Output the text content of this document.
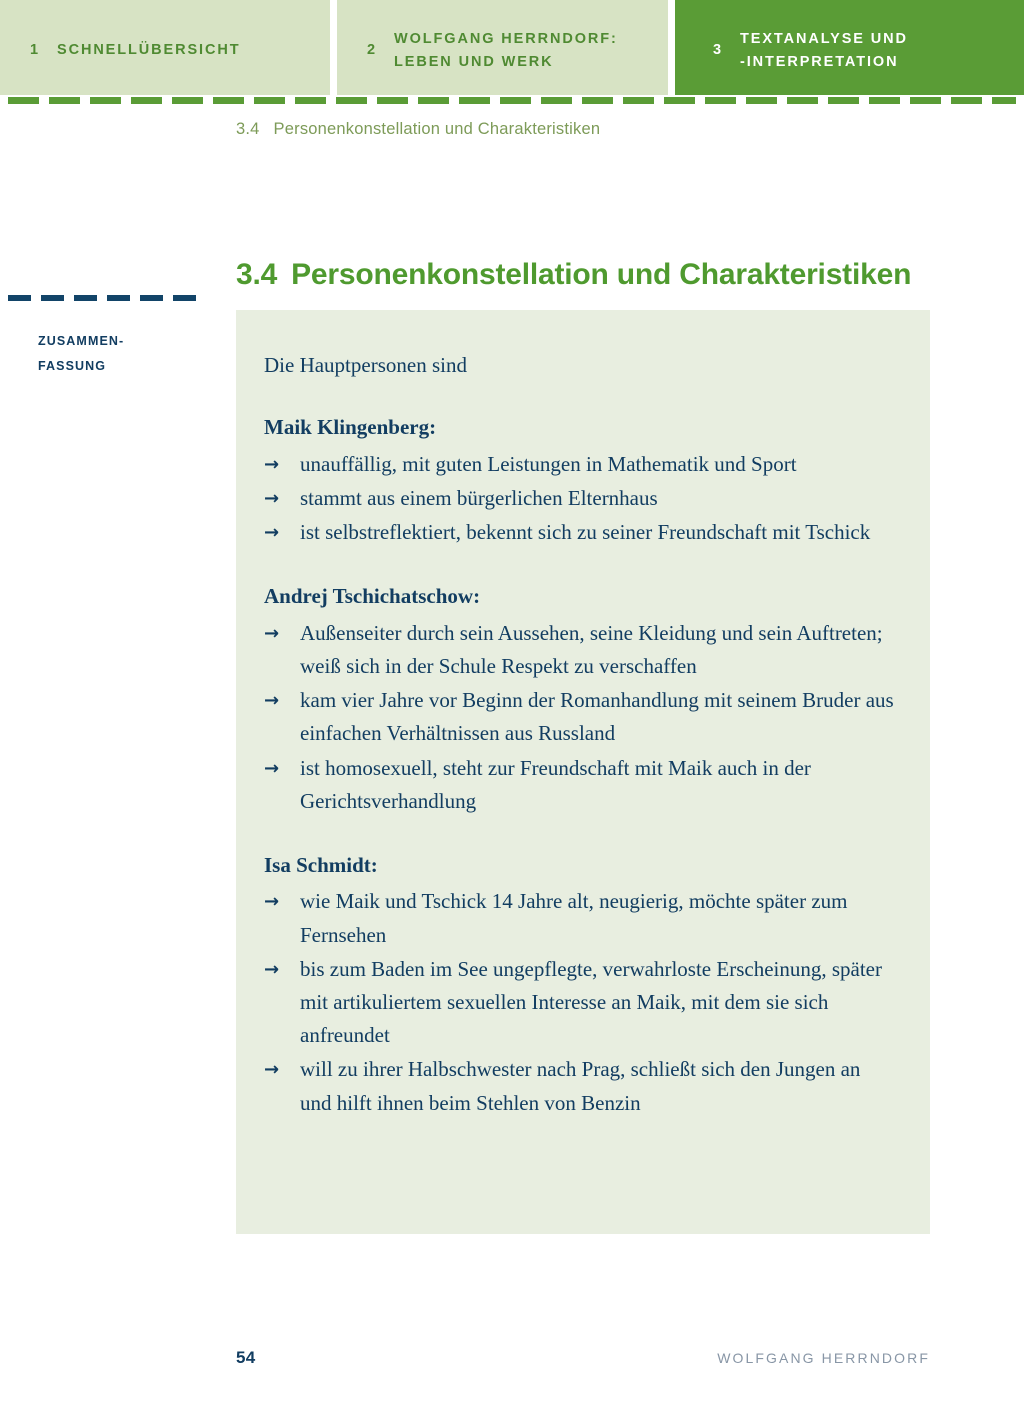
1	SCHNELLÜBERSICHT	2
WOLFGANG HERRNDORF:
LEBEN UND WERK
3
TEXTANALYSE UND
-INTERPRETATION
3.4 Personenkonstellation und Charakteristiken
3.4 Personenkonstellation und Charakteristiken
ZUSAMMEN-
FASSUNG	Die Hauptpersonen sind

Maik Klingenberg:
→ unauffällig, mit guten Leistungen in Mathematik und Sport
→ stammt aus einem bürgerlichen Elternhaus
→ ist selbstreflektiert, bekennt sich zu seiner Freundschaft mit Tschick
Andrej Tschichatschow:
→ Außenseiter durch sein Aussehen, seine Kleidung und sein Auftreten; weiß sich in der Schule Respekt zu verschaffen
→ kam vier Jahre vor Beginn der Romanhandlung mit seinem Bruder aus einfachen Verhältnissen aus Russland
→ ist homosexuell, steht zur Freundschaft mit Maik auch in der Gerichtsverhandlung
Isa Schmidt:
→ wie Maik und Tschick 14 Jahre alt, neugierig, möchte später zum Fernsehen
→ bis zum Baden im See ungepflegte, verwahrloste Erscheinung, später mit artikuliertem sexuellen Interesse an Maik, mit dem sie sich anfreundet
→ will zu ihrer Halbschwester nach Prag, schließt sich den Jungen an und hilft ihnen beim Stehlen von Benzin
54	WOLFGANG HERRNDORF
